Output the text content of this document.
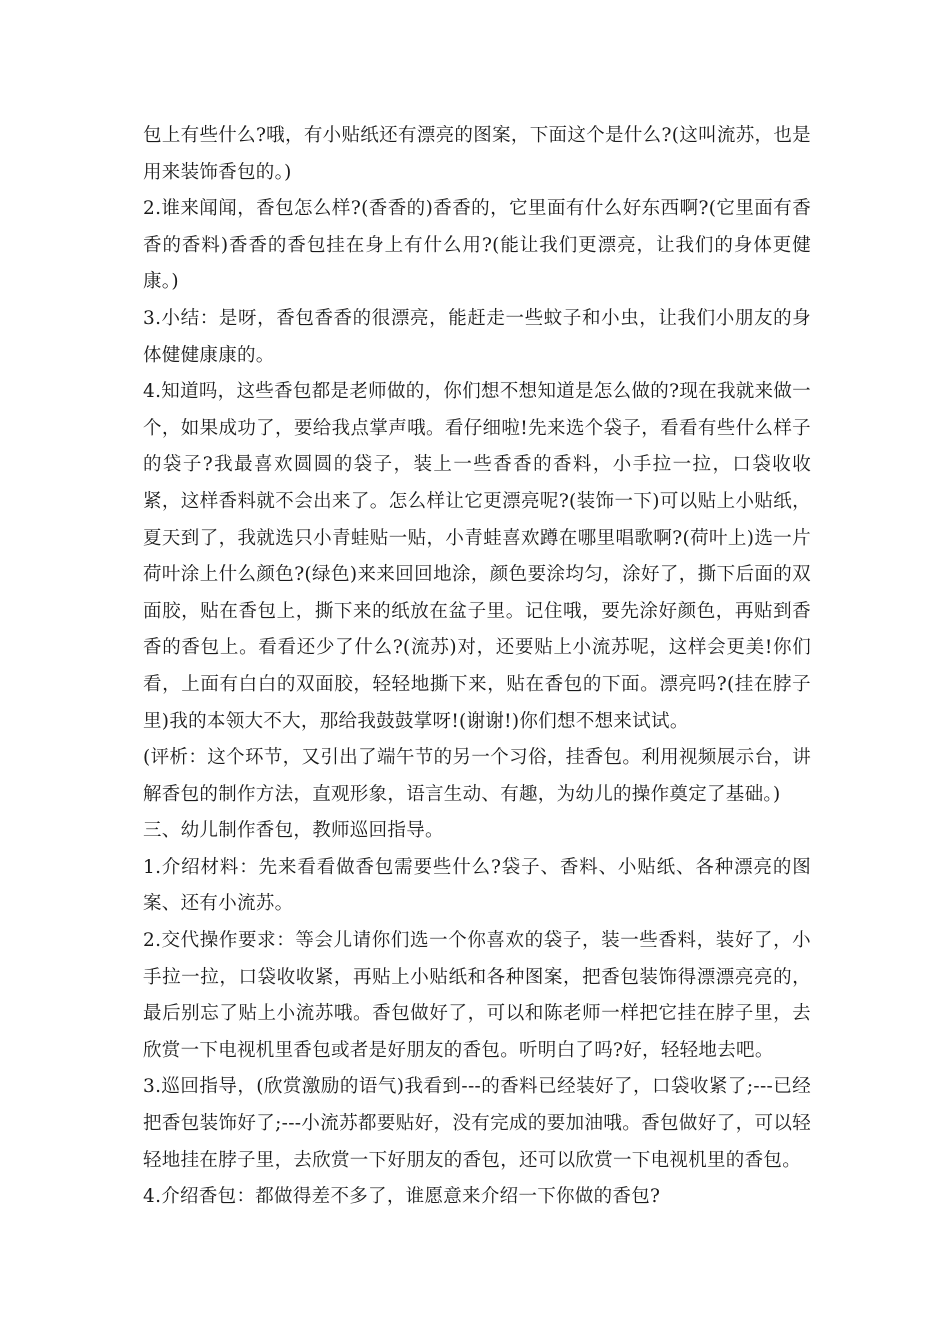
包上有些什么?哦，有小贴纸还有漂亮的图案，下面这个是什么?(这叫流苏，也是用来装饰香包的。)

2.谁来闻闻，香包怎么样?(香香的)香香的，它里面有什么好东西啊?(它里面有香香的香料)香香的香包挂在身上有什么用?(能让我们更漂亮，让我们的身体更健康。)

3.小结：是呀，香包香香的很漂亮，能赶走一些蚊子和小虫，让我们小朋友的身体健健康康的。

4.知道吗，这些香包都是老师做的，你们想不想知道是怎么做的?现在我就来做一个，如果成功了，要给我点掌声哦。看仔细啦!先来选个袋子，看看有些什么样子的袋子?我最喜欢圆圆的袋子，装上一些香香的香料，小手拉一拉，口袋收收紧，这样香料就不会出来了。怎么样让它更漂亮呢?(装饰一下)可以贴上小贴纸，夏天到了，我就选只小青蛙贴一贴，小青蛙喜欢蹲在哪里唱歌啊?(荷叶上)选一片荷叶涂上什么颜色?(绿色)来来回回地涂，颜色要涂均匀，涂好了，撕下后面的双面胶，贴在香包上，撕下来的纸放在盆子里。记住哦，要先涂好颜色，再贴到香香的香包上。看看还少了什么?(流苏)对，还要贴上小流苏呢，这样会更美!你们看，上面有白白的双面胶，轻轻地撕下来，贴在香包的下面。漂亮吗?(挂在脖子里)我的本领大不大，那给我鼓鼓掌呀!(谢谢!)你们想不想来试试。

(评析：这个环节，又引出了端午节的另一个习俗，挂香包。利用视频展示台，讲解香包的制作方法，直观形象，语言生动、有趣，为幼儿的操作奠定了基础。)

三、幼儿制作香包，教师巡回指导。

1.介绍材料：先来看看做香包需要些什么?袋子、香料、小贴纸、各种漂亮的图案、还有小流苏。

2.交代操作要求：等会儿请你们选一个你喜欢的袋子，装一些香料，装好了，小手拉一拉，口袋收收紧，再贴上小贴纸和各种图案，把香包装饰得漂漂亮亮的，最后别忘了贴上小流苏哦。香包做好了，可以和陈老师一样把它挂在脖子里，去欣赏一下电视机里香包或者是好朋友的香包。听明白了吗?好，轻轻地去吧。

3.巡回指导，(欣赏激励的语气)我看到---的香料已经装好了，口袋收紧了;---已经把香包装饰好了;---小流苏都要贴好，没有完成的要加油哦。香包做好了，可以轻轻地挂在脖子里，去欣赏一下好朋友的香包，还可以欣赏一下电视机里的香包。

4.介绍香包：都做得差不多了，谁愿意来介绍一下你做的香包?
